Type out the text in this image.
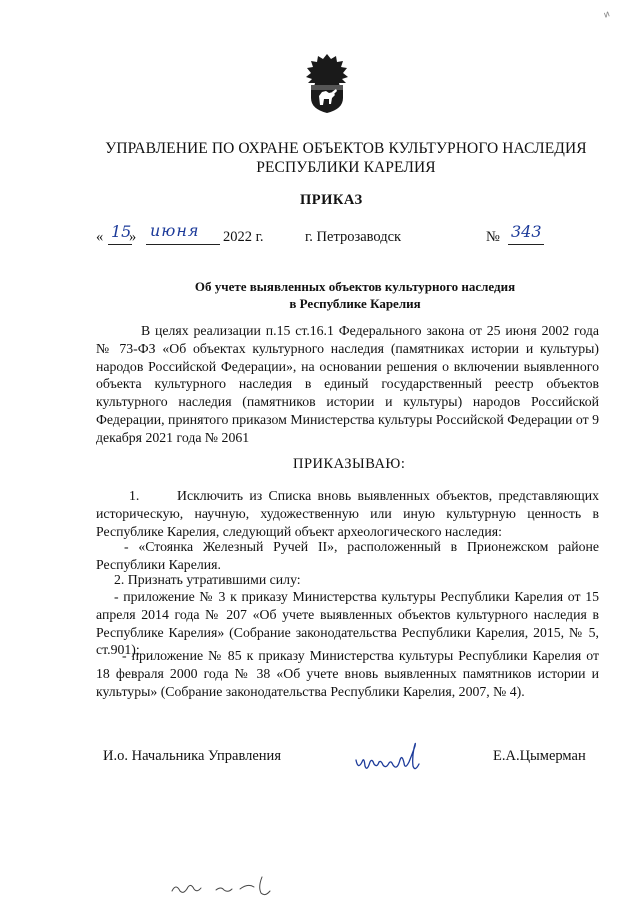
и
УПРАВЛЕНИЕ ПО ОХРАНЕ ОБЪЕКТОВ КУЛЬТУРНОГО НАСЛЕДИЯ
РЕСПУБЛИКИ КАРЕЛИЯ
ПРИКАЗ
« 15
» июня 2022 г.	г. Петрозаводск	№ 343
Об учете выявленных объектов культурного наследия
в Республике Карелия
В целях реализации п.15 ст.16.1 Федерального закона от 25 июня 2002 года № 73-ФЗ «Об объектах культурного наследия (памятниках истории и культуры) народов Российской Федерации», на основании решения о включении выявленного объекта культурного наследия в единый государственный реестр объектов культурного наследия (памятников истории и культуры) народов Российской Федерации, принятого приказом Министерства культуры Российской Федерации от 9 декабря 2021 года № 2061
ПРИКАЗЫВАЮ:
1.	Исключить из Списка вновь выявленных объектов, представляющих историческую, научную, художественную или иную культурную ценность в Республике Карелия, следующий объект археологического наследия:
- «Стоянка Железный Ручей II», расположенный в Прионежском районе Республики Карелия.
2. Признать утратившими силу:
- приложение № 3 к приказу Министерства культуры Республики Карелия от 15 апреля 2014 года № 207 «Об учете выявленных объектов культурного наследия в Республике Карелия» (Собрание законодательства Республики Карелия, 2015, № 5, ст.901);
- приложение № 85 к приказу Министерства культуры Республики Карелия от 18 февраля 2000 года № 38 «Об учете вновь выявленных памятников истории и культуры» (Собрание законодательства Республики Карелия, 2007, № 4).
И.о. Начальника Управления	Е.А.Цымерман
